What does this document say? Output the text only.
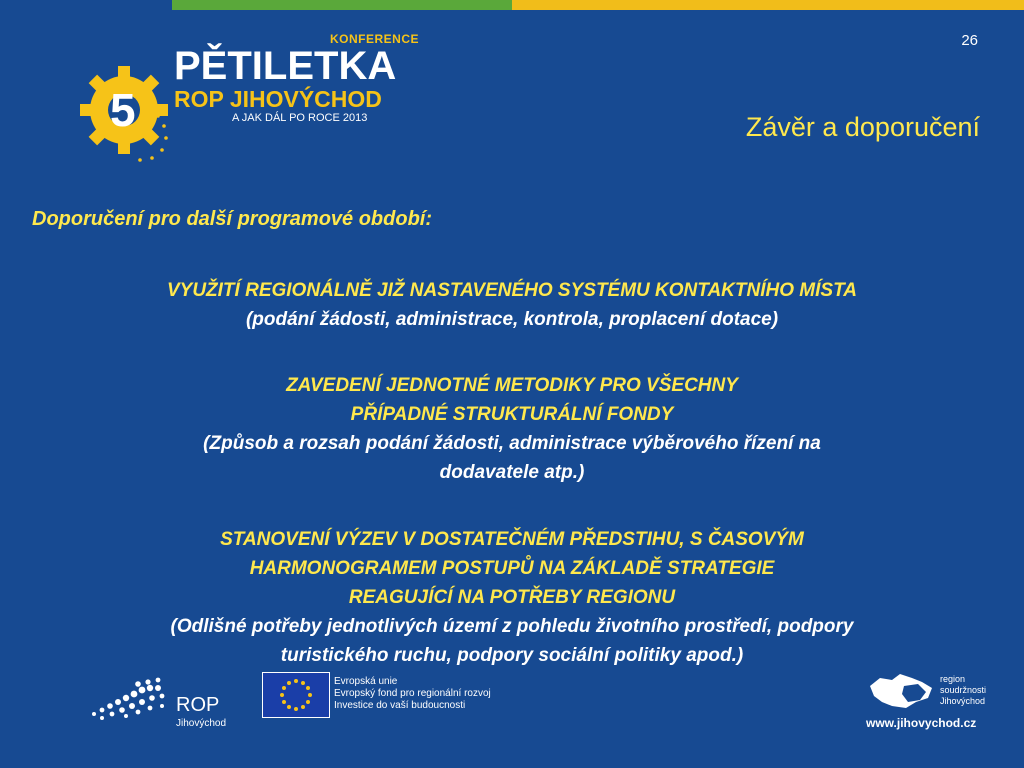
5
KONFERENCE
PĚTILETKA
ROP JIHOVÝCHOD
A JAK DÁL PO ROCE 2013
26
Závěr a doporučení
Doporučení pro další programové období:
VYUŽITÍ REGIONÁLNĚ JIŽ NASTAVENÉHO SYSTÉMU KONTAKTNÍHO MÍSTA
(podání žádosti, administrace, kontrola, proplacení dotace)
ZAVEDENÍ JEDNOTNÉ METODIKY PRO VŠECHNY
PŘÍPADNÉ STRUKTURÁLNÍ FONDY
(Způsob a rozsah podání žádosti, administrace výběrového řízení na
dodavatele atp.)
STANOVENÍ VÝZEV V DOSTATEČNÉM PŘEDSTIHU, S ČASOVÝM
HARMONOGRAMEM POSTUPŮ NA ZÁKLADĚ STRATEGIE
REAGUJÍCÍ NA POTŘEBY REGIONU
(Odlišné potřeby jednotlivých území z pohledu životního prostředí, podpory
turistického ruchu, podpory sociální politiky apod.)
ROP
Jihovýchod
Evropská unie
Evropský fond pro regionální rozvoj
Investice do vaší budoucnosti
region
soudržnosti
Jihovýchod
www.jihovychod.cz
